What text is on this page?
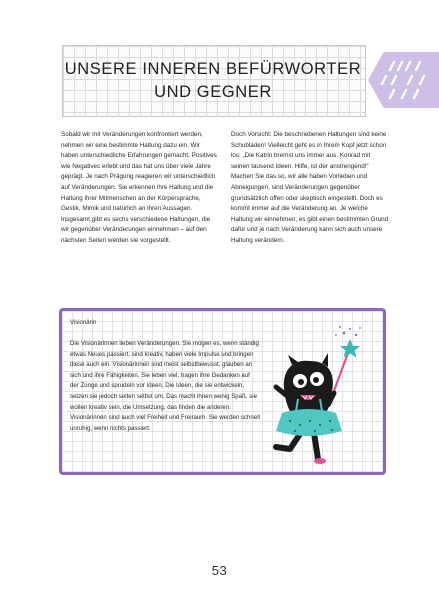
UNSERE INNEREN BEFÜRWORTER
UND GEGNER
Sobald wir mit Veränderungen konfrontiert werden, nehmen wir eine bestimmte Haltung dazu ein. Wir haben unterschiedliche Erfahrungen gemacht, Positives wie Negatives erlebt und das hat uns über viele Jahre geprägt. Je nach Prägung reagieren wir unterschiedlich auf Veränderungen. Sie erkennen ihre Haltung und die Haltung ihrer Mitmenschen an der Körpersprache, Gestik, Mimik und natürlich an ihren Aussagen. Insgesamt gibt es sechs verschiedene Haltungen, die wir gegenüber Veränderungen einnehmen – auf den nächsten Seiten werden sie vorgestellt.
Doch Vorsicht: Die beschriebenen Haltungen sind keine Schubladen! Vielleicht geht es in Ihrem Kopf jetzt schon los: „Die Katrin bremst uns immer aus. Konrad mit seinen tausend Ideen. Hilfe, ist der anstrengend!“ Machen Sie das so, wir alle haben Vorlieben und Abneigungen, sind Veränderungen gegenüber grundsätzlich offen oder skeptisch eingestellt. Doch es kommt immer auf die Veränderung an. Je welche Haltung wir einnehmen, es gibt einen bestimmten Grund dafür und je nach Veränderung kann sich auch unsere Haltung verändern.
Visionärin
Die Visionärinnen lieben Veränderungen. Sie mögen es, wenn ständig etwas Neues passiert, sind kreativ, haben viele Impulse und bringen diese auch ein. Visionärinnen sind meist selbstbewusst, glauben an sich und ihre Fähigkeiten. Sie leben viel, tragen ihre Gedanken auf der Zunge und sprudeln vor Ideen. Die Ideen, die sie entwickeln, setzen sie jedoch selten selbst um. Das macht ihnen wenig Spaß, sie wollen kreativ sein, die Umsetzung, das finden die anderen. Visionärinnen sind auch viel Freiheit und Freiraum. Sie werden schnell unruhig, wenn nichts passiert.
53
